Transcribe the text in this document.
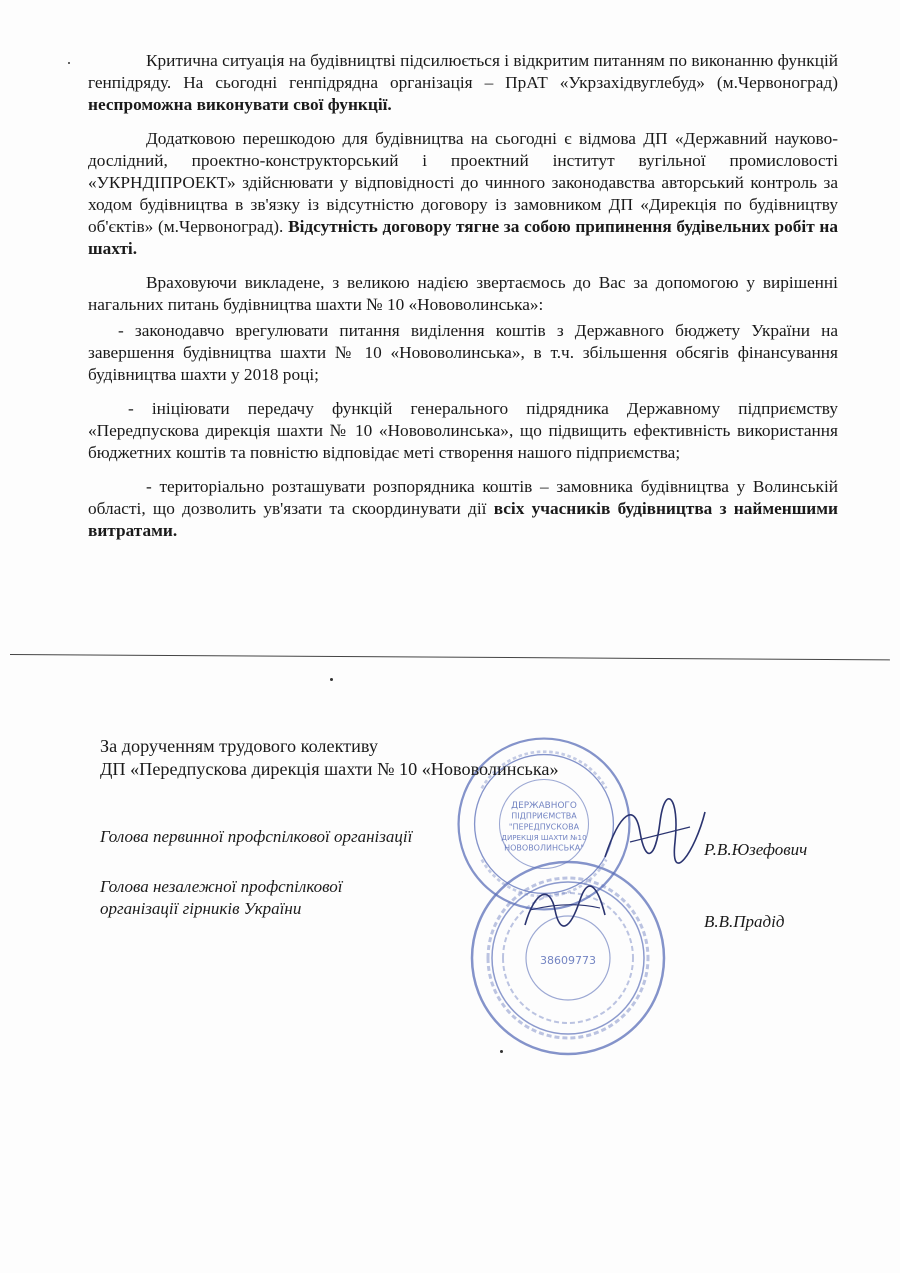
Критична ситуація на будівництві підсилюється і відкритим питанням по виконанню функцій генпідряду. На сьогодні генпідрядна організація – ПрАТ «Укрзахідвуглебуд» (м.Червоноград) неспроможна виконувати свої функції.

Додатковою перешкодою для будівництва на сьогодні є відмова ДП «Державний науково-дослідний, проектно-конструкторський і проектний інститут вугільної промисловості «УКРНДІПРОЕКТ» здійснювати у відповідності до чинного законодавства авторський контроль за ходом будівництва в зв'язку із відсутністю договору із замовником ДП «Дирекція по будівництву об'єктів» (м.Червоноград). Відсутність договору тягне за собою припинення будівельних робіт на шахті.

Враховуючи викладене, з великою надією звертаємось до Вас за допомогою у вирішенні нагальних питань будівництва шахти № 10 «Нововолинська»:

- законодавчо врегулювати питання виділення коштів з Державного бюджету України на завершення будівництва шахти № 10 «Нововолинська», в т.ч. збільшення обсягів фінансування будівництва шахти у 2018 році;

- ініціювати передачу функцій генерального підрядника Державному підприємству «Передпускова дирекція шахти № 10 «Нововолинська», що підвищить ефективність використання бюджетних коштів та повністю відповідає меті створення нашого підприємства;

- територіально розташувати розпорядника коштів – замовника будівництва у Волинській області, що дозволить ув'язати та скоординувати дії всіх учасників будівництва з найменшими витратами.

ДЕРЖАВНОГО
ПІДПРИЄМСТВА
"ПЕРЕДПУСКОВА
ДИРЕКЦІЯ ШАХТИ №10
НОВОВОЛИНСЬКА"
38609773
За дорученням трудового колективу
ДП «Передпускова дирекція шахти № 10 «Нововолинська»
Голова первинної профспілкової організації
Р.В.Юзефович
Голова незалежної профспілкової
організації гірників України
В.В.Прадід
